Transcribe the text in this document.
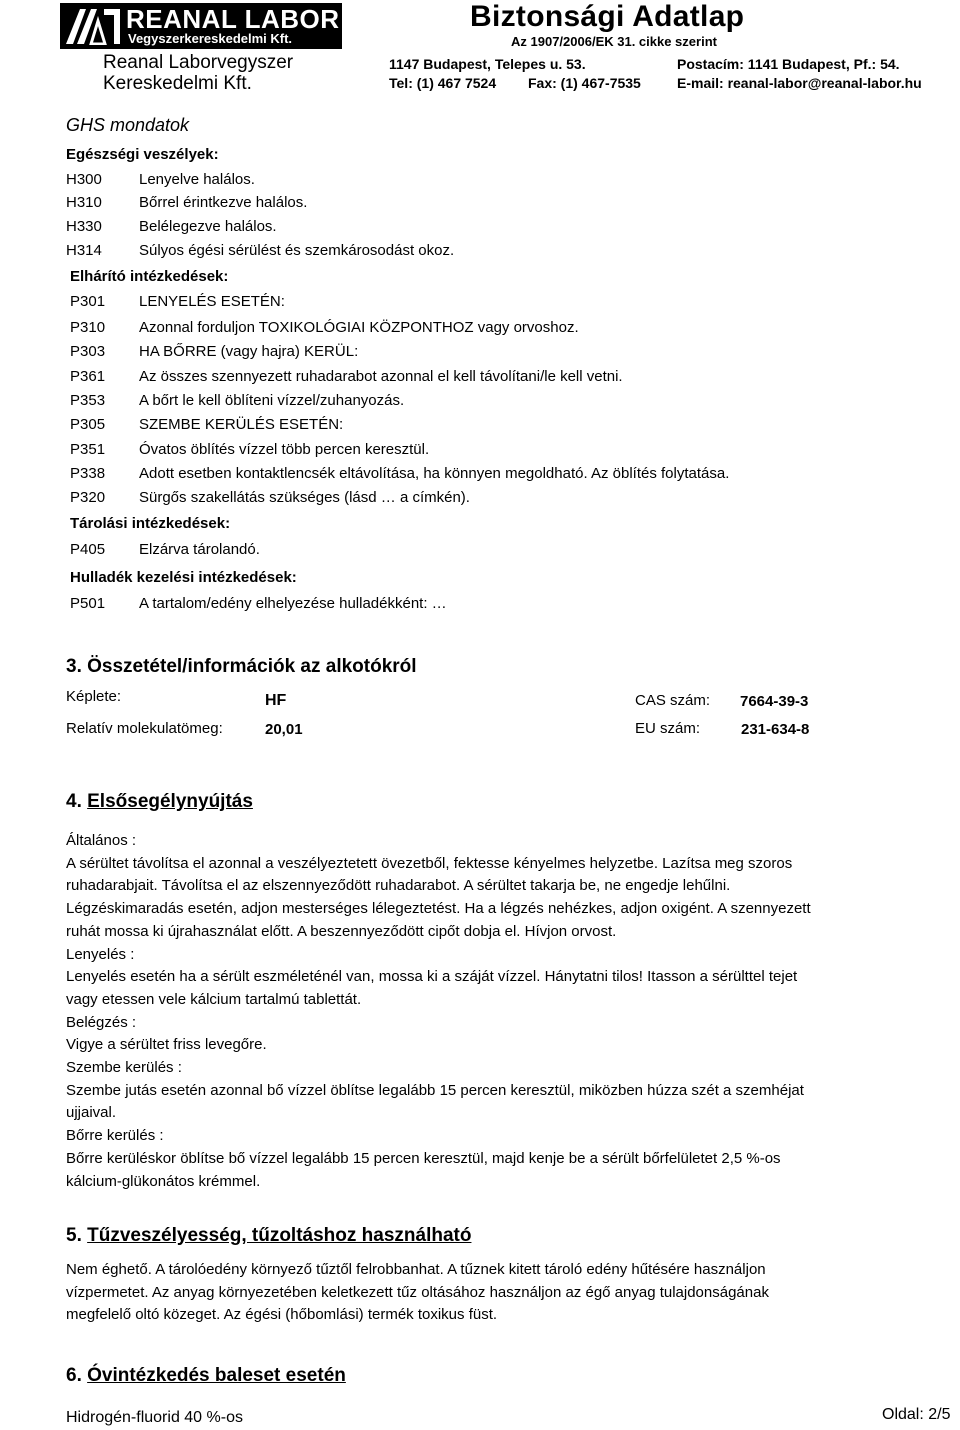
REANAL LABOR
Vegyszerkereskedelmi Kft.
Reanal Laborvegyszer
Kereskedelmi Kft.
Biztonsági Adatlap
Az 1907/2006/EK 31. cikke szerint
1147 Budapest, Telepes u. 53.	Postacím: 1141 Budapest, Pf.: 54.
Tel: (1) 467 7524 Fax: (1) 467-7535	E-mail: reanal-labor@reanal-labor.hu
GHS mondatok
Egészségi veszélyek:
H300 Lenyelve halálos.
H310 Bőrrel érintkezve halálos.
H330 Belélegezve halálos.
H314 Súlyos égési sérülést és szemkárosodást okoz.
Elhárító intézkedések:
P301 LENYELÉS ESETÉN:
P310 Azonnal forduljon TOXIKOLÓGIAI KÖZPONTHOZ vagy orvoshoz.
P303 HA BŐRRE (vagy hajra) KERÜL:
P361 Az összes szennyezett ruhadarabot azonnal el kell távolítani/le kell vetni.
P353 A bőrt le kell öblíteni vízzel/zuhanyozás.
P305 SZEMBE KERÜLÉS ESETÉN:
P351 Óvatos öblítés vízzel több percen keresztül.
P338 Adott esetben kontaktlencsék eltávolítása, ha könnyen megoldható. Az öblítés folytatása.
P320 Sürgős szakellátás szükséges (lásd … a címkén).
Tárolási intézkedések:
P405 Elzárva tárolandó.
Hulladék kezelési intézkedések:
P501 A tartalom/edény elhelyezése hulladékként: …
3. Összetétel/információk az alkotókról
Képlete:	HF	CAS szám: 7664-39-3
Relatív molekulatömeg:	20,01	EU szám:	231-634-8
4. Elsősegélynyújtás
Általános :
A sérültet távolítsa el azonnal a veszélyeztetett övezetből, fektesse kényelmes helyzetbe. Lazítsa meg szoros
ruhadarabjait. Távolítsa el az elszennyeződött ruhadarabot. A sérültet takarja be, ne engedje lehűlni.
Légzéskimaradás esetén, adjon mesterséges lélegeztetést. Ha a légzés nehézkes, adjon oxigént. A szennyezett
ruhát mossa ki újrahasználat előtt. A beszennyeződött cipőt dobja el. Hívjon orvost.
Lenyelés :
Lenyelés esetén ha a sérült eszméleténél van, mossa ki a száját vízzel. Hánytatni tilos! Itasson a sérülttel tejet
vagy etessen vele kálcium tartalmú tablettát.
Belégzés :
Vigye a sérültet friss levegőre.
Szembe kerülés :
Szembe jutás esetén azonnal bő vízzel öblítse legalább 15 percen keresztül, miközben húzza szét a szemhéjat
ujjaival.
Bőrre kerülés :
Bőrre kerüléskor öblítse bő vízzel legalább 15 percen keresztül, majd kenje be a sérült bőrfelületet 2,5 %-os
kálcium-glükonátos krémmel.
5. Tűzveszélyesség, tűzoltáshoz használható
Nem éghető. A tárolóedény környező tűztől felrobbanhat. A tűznek kitett tároló edény hűtésére használjon
vízpermetet. Az anyag környezetében keletkezett tűz oltásához használjon az égő anyag tulajdonságának
megfelelő oltó közeget. Az égési (hőbomlási) termék toxikus füst.
6. Óvintézkedés baleset esetén
Hidrogén-fluorid 40 %-os	Oldal: 2/5
